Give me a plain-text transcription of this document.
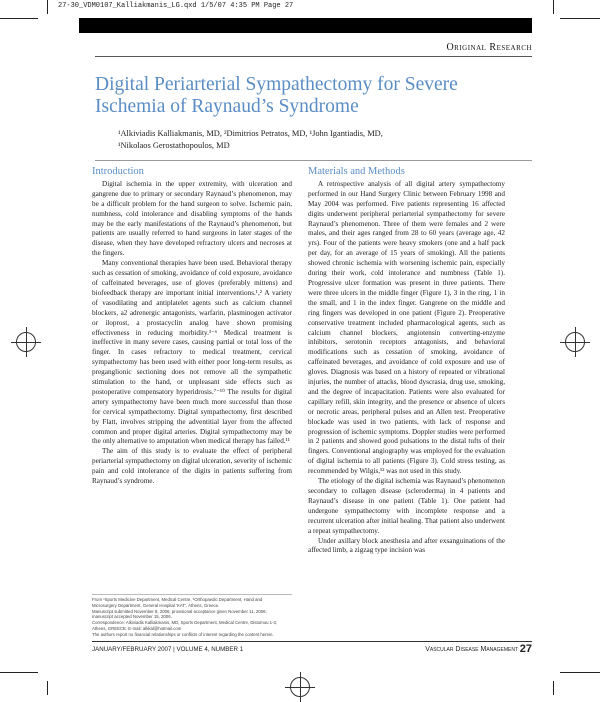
27-30_VDM0107_Kalliakmanis_LG.qxd 1/5/07 4:35 PM Page 27
Original Research
Digital Periarterial Sympathectomy for Severe Ischemia of Raynaud’s Syndrome
¹Alkiviadis Kalliakmanis, MD, ²Dimitrios Petratos, MD, ¹John Igantiadis, MD,
¹Nikolaos Gerostathopoulos, MD
Introduction

Digital ischemia in the upper extremity, with ulceration and gangrene due to primary or secondary Raynaud’s phenomenon, may be a difficult problem for the hand surgeon to solve. Ischemic pain, numbness, cold intolerance and disabling symptoms of the hands may be the early manifestations of the Raynaud’s phenomenon, but patients are usually referred to hand surgeons in later stages of the disease, when they have developed refractory ulcers and necroses at the fingers.

Many conventional therapies have been used. Behavioral therapy such as cessation of smoking, avoidance of cold exposure, avoidance of caffeinated beverages, use of gloves (preferably mittens) and biofeedback therapy are important initial interventions.¹,² A variety of vasodilating and antiplatelet agents such as calcium channel blockers, a2 adrenergic antagonists, warfarin, plasminogen activator or iloprost, a prostacyclin analog have shown promising effectiveness in reducing morbidity.³⁻⁶ Medical treatment is ineffective in many severe cases, causing partial or total loss of the finger. In cases refractory to medical treatment, cervical sympathectomy has been used with either poor long-term results, as preganglionic sectioning does not remove all the sympathetic stimulation to the hand, or unpleasant side effects such as postoperative compensatory hyperidrosis.⁷⁻¹⁰ The results for digital artery sympathectomy have been much more successful than those for cervical sympathectomy. Digital sympathectomy, first described by Flatt, involves stripping the adventitial layer from the affected common and proper digital arteries. Digital sympathectomy may be the only alternative to amputation when medical therapy has failed.¹¹

The aim of this study is to evaluate the effect of peripheral periarterial sympathectomy on digital ulceration, severity of ischemic pain and cold intolerance of the digits in patients suffering from Raynaud’s syndrome.

From ¹Sports Medicine Department, Medical Centre, ²Orthopaedic Department, Hand and Microsurgery Department, General Hospital ‘KAT’, Athens, Greece.

Manuscript submitted November 8, 2006; provisional acceptance given November 11, 2006; manuscript accepted November 15, 2006.

Correspondence: Alkiviadis Kalliakmanis, MD, Sports Department, Medical Centre, Distomou 1-3, Athens, GREECE. E-mail: alkkal@hotmail.com

The authors report no financial relationships or conflicts of interest regarding the content herein.

Materials and Methods

A retrospective analysis of all digital artery sympathectomy performed in our Hand Surgery Clinic between February 1998 and May 2004 was performed. Five patients representing 16 affected digits underwent peripheral periarterial sympathectomy for severe Raynaud’s phenomenon. Three of them were females and 2 were males, and their ages ranged from 28 to 60 years (average age, 42 yrs). Four of the patients were heavy smokers (one and a half pack per day, for an average of 15 years of smoking). All the patients showed chronic ischemia with worsening ischemic pain, especially during their work, cold intolerance and numbness (Table 1). Progressive ulcer formation was present in three patients. There were three ulcers in the middle finger (Figure 1), 3 in the ring, 1 in the small, and 1 in the index finger. Gangrene on the middle and ring fingers was developed in one patient (Figure 2). Preoperative conservative treatment included pharmacological agents, such as calcium channel blockers, angiotensin converting-enzyme inhibitors, serotonin receptors antagonists, and behavioral modifications such as cessation of smoking, avoidance of caffeinated beverages, and avoidance of cold exposure and use of gloves. Diagnosis was based on a history of repeated or vibrational injuries, the number of attacks, blood dyscrasia, drug use, smoking, and the degree of incapacitation. Patients were also evaluated for capillary refill, skin integrity, and the presence or absence of ulcers or necrotic areas, peripheral pulses and an Allen test. Preoperative blockade was used in two patients, with lack of response and progression of ischemic symptoms. Doppler studies were performed in 2 patients and showed good pulsations to the distal tufts of their fingers. Conventional angiography was employed for the evaluation of digital ischemia to all patients (Figure 3). Cold stress testing, as recommended by Wilgis,¹² was not used in this study.

The etiology of the digital ischemia was Raynaud’s phenomenon secondary to collagen disease (scleroderma) in 4 patients and Raynaud’s disease in one patient (Table 1). One patient had undergone sympathectomy with incomplete response and a recurrent ulceration after initial healing. That patient also underwent a repeat sympathectomy.

Under axillary block anesthesia and after exsanguinations of the affected limb, a zigzag type incision was

JANUARY/FEBRUARY 2007 | VOLUME 4, NUMBER 1	Vascular Disease Management 27
